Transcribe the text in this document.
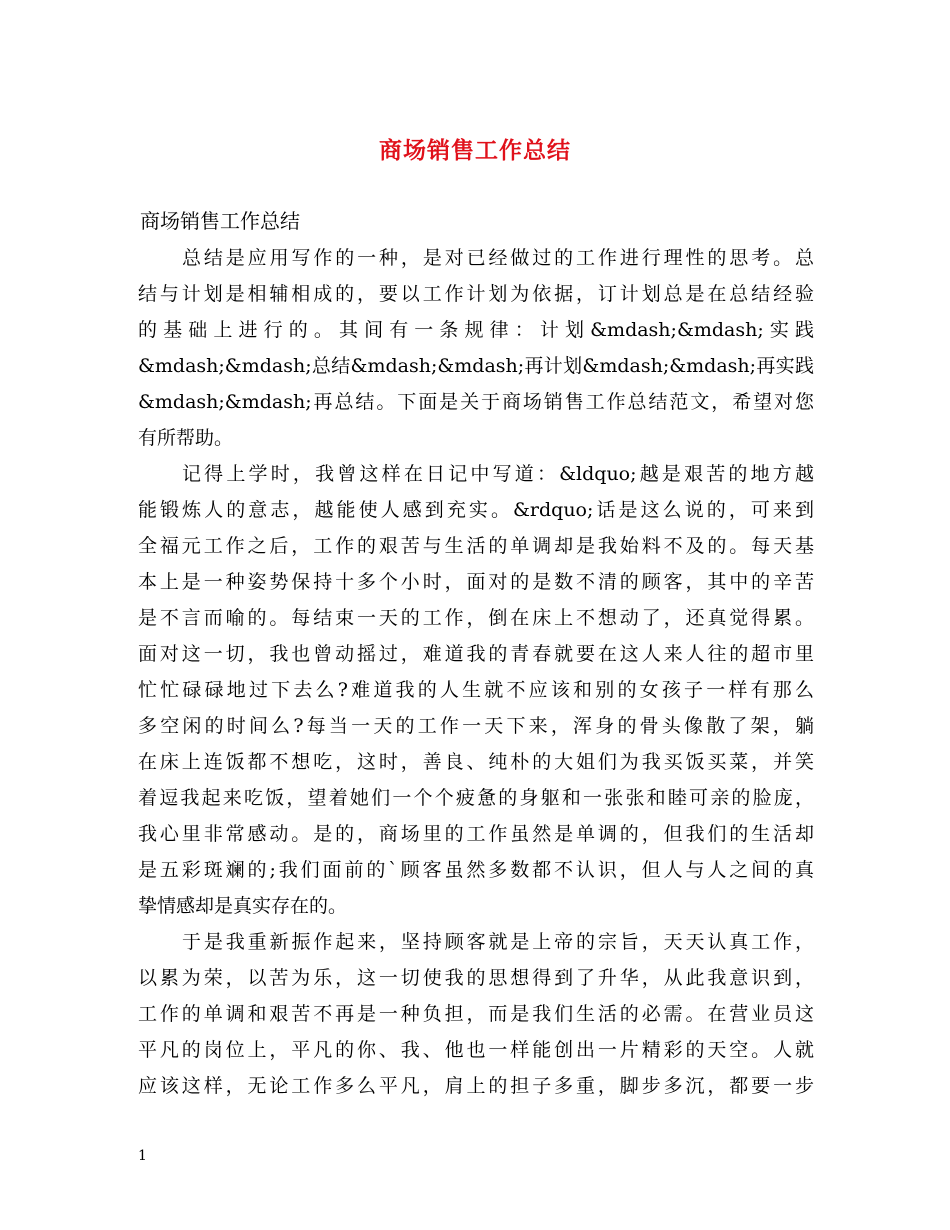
商场销售工作总结
商场销售工作总结
总结是应用写作的一种，是对已经做过的工作进行理性的思考。总
结与计划是相辅相成的，要以工作计划为依据，订计划总是在总结经验
的基础上进行的。其间有一条规律：计划&mdash;&mdash;实践
&mdash;&mdash;总结&mdash;&mdash;再计划&mdash;&mdash;再实践
&mdash;&mdash;再总结。下面是关于商场销售工作总结范文，希望对您
有所帮助。
记得上学时，我曾这样在日记中写道：&ldquo;越是艰苦的地方越
能锻炼人的意志，越能使人感到充实。&rdquo;话是这么说的，可来到
全福元工作之后，工作的艰苦与生活的单调却是我始料不及的。每天基
本上是一种姿势保持十多个小时，面对的是数不清的顾客，其中的辛苦
是不言而喻的。每结束一天的工作，倒在床上不想动了，还真觉得累。
面对这一切，我也曾动摇过，难道我的青春就要在这人来人往的超市里
忙忙碌碌地过下去么?难道我的人生就不应该和别的女孩子一样有那么
多空闲的时间么?每当一天的工作一天下来，浑身的骨头像散了架，躺
在床上连饭都不想吃，这时，善良、纯朴的大姐们为我买饭买菜，并笑
着逗我起来吃饭，望着她们一个个疲惫的身躯和一张张和睦可亲的脸庞，
我心里非常感动。是的，商场里的工作虽然是单调的，但我们的生活却
是五彩斑斓的;我们面前的`顾客虽然多数都不认识，但人与人之间的真
挚情感却是真实存在的。
于是我重新振作起来，坚持顾客就是上帝的宗旨，天天认真工作，
以累为荣，以苦为乐，这一切使我的思想得到了升华，从此我意识到，
工作的单调和艰苦不再是一种负担，而是我们生活的必需。在营业员这
平凡的岗位上，平凡的你、我、他也一样能创出一片精彩的天空。人就
应该这样，无论工作多么平凡，肩上的担子多重，脚步多沉，都要一步
1
